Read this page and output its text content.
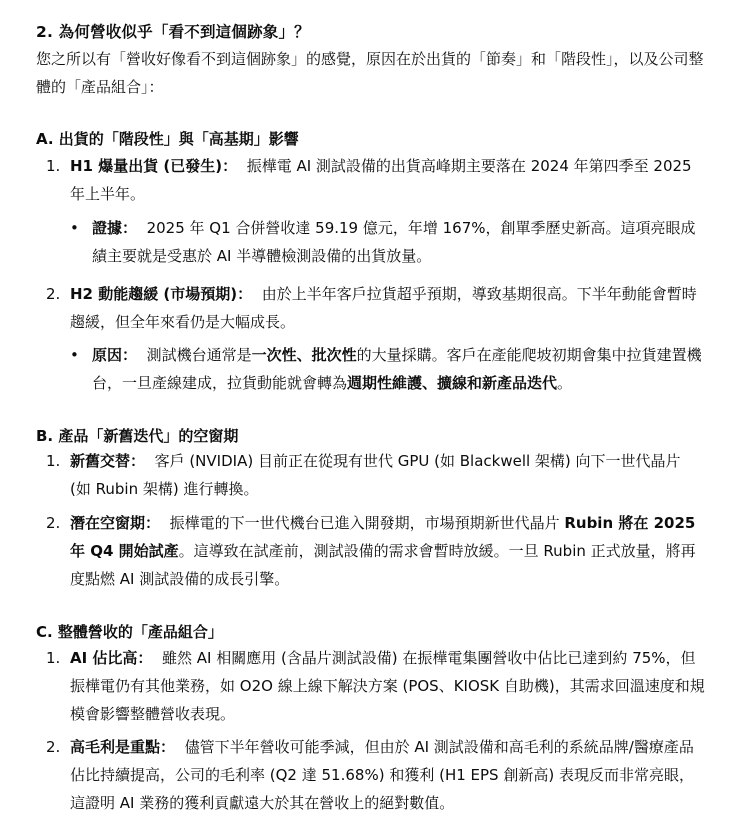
2. 為何營收似乎「看不到這個跡象」？
您之所以有「營收好像看不到這個跡象」的感覺，原因在於出貨的「節奏」和「階段性」，以及公司整體的「產品組合」：
A. 出貨的「階段性」與「高基期」影響
1. H1 爆量出貨 (已發生)： 振樺電 AI 測試設備的出貨高峰期主要落在 2024 年第四季至 2025 年上半年。
• 證據： 2025 年 Q1 合併營收達 59.19 億元，年增 167%，創單季歷史新高。這項亮眼成績主要就是受惠於 AI 半導體檢測設備的出貨放量。
2. H2 動能趨緩 (市場預期)： 由於上半年客戶拉貨超乎預期，導致基期很高。下半年動能會暫時趨緩，但全年來看仍是大幅成長。
• 原因： 測試機台通常是一次性、批次性的大量採購。客戶在產能爬坡初期會集中拉貨建置機台，一旦產線建成，拉貨動能就會轉為週期性維護、擴線和新產品迭代。
B. 產品「新舊迭代」的空窗期
1. 新舊交替： 客戶 (NVIDIA) 目前正在從現有世代 GPU (如 Blackwell 架構) 向下一世代晶片 (如 Rubin 架構) 進行轉換。
2. 潛在空窗期： 振樺電的下一世代機台已進入開發期，市場預期新世代晶片 Rubin 將在 2025 年 Q4 開始試產。這導致在試產前，測試設備的需求會暫時放緩。一旦 Rubin 正式放量，將再度點燃 AI 測試設備的成長引擎。
C. 整體營收的「產品組合」
1. AI 佔比高： 雖然 AI 相關應用 (含晶片測試設備) 在振樺電集團營收中佔比已達到約 75%，但振樺電仍有其他業務，如 O2O 線上線下解決方案 (POS、KIOSK 自助機)，其需求回溫速度和規模會影響整體營收表現。
2. 高毛利是重點： 儘管下半年營收可能季減，但由於 AI 測試設備和高毛利的系統品牌/醫療產品佔比持續提高，公司的毛利率 (Q2 達 51.68%) 和獲利 (H1 EPS 創新高) 表現反而非常亮眼，這證明 AI 業務的獲利貢獻遠大於其在營收上的絕對數值。
